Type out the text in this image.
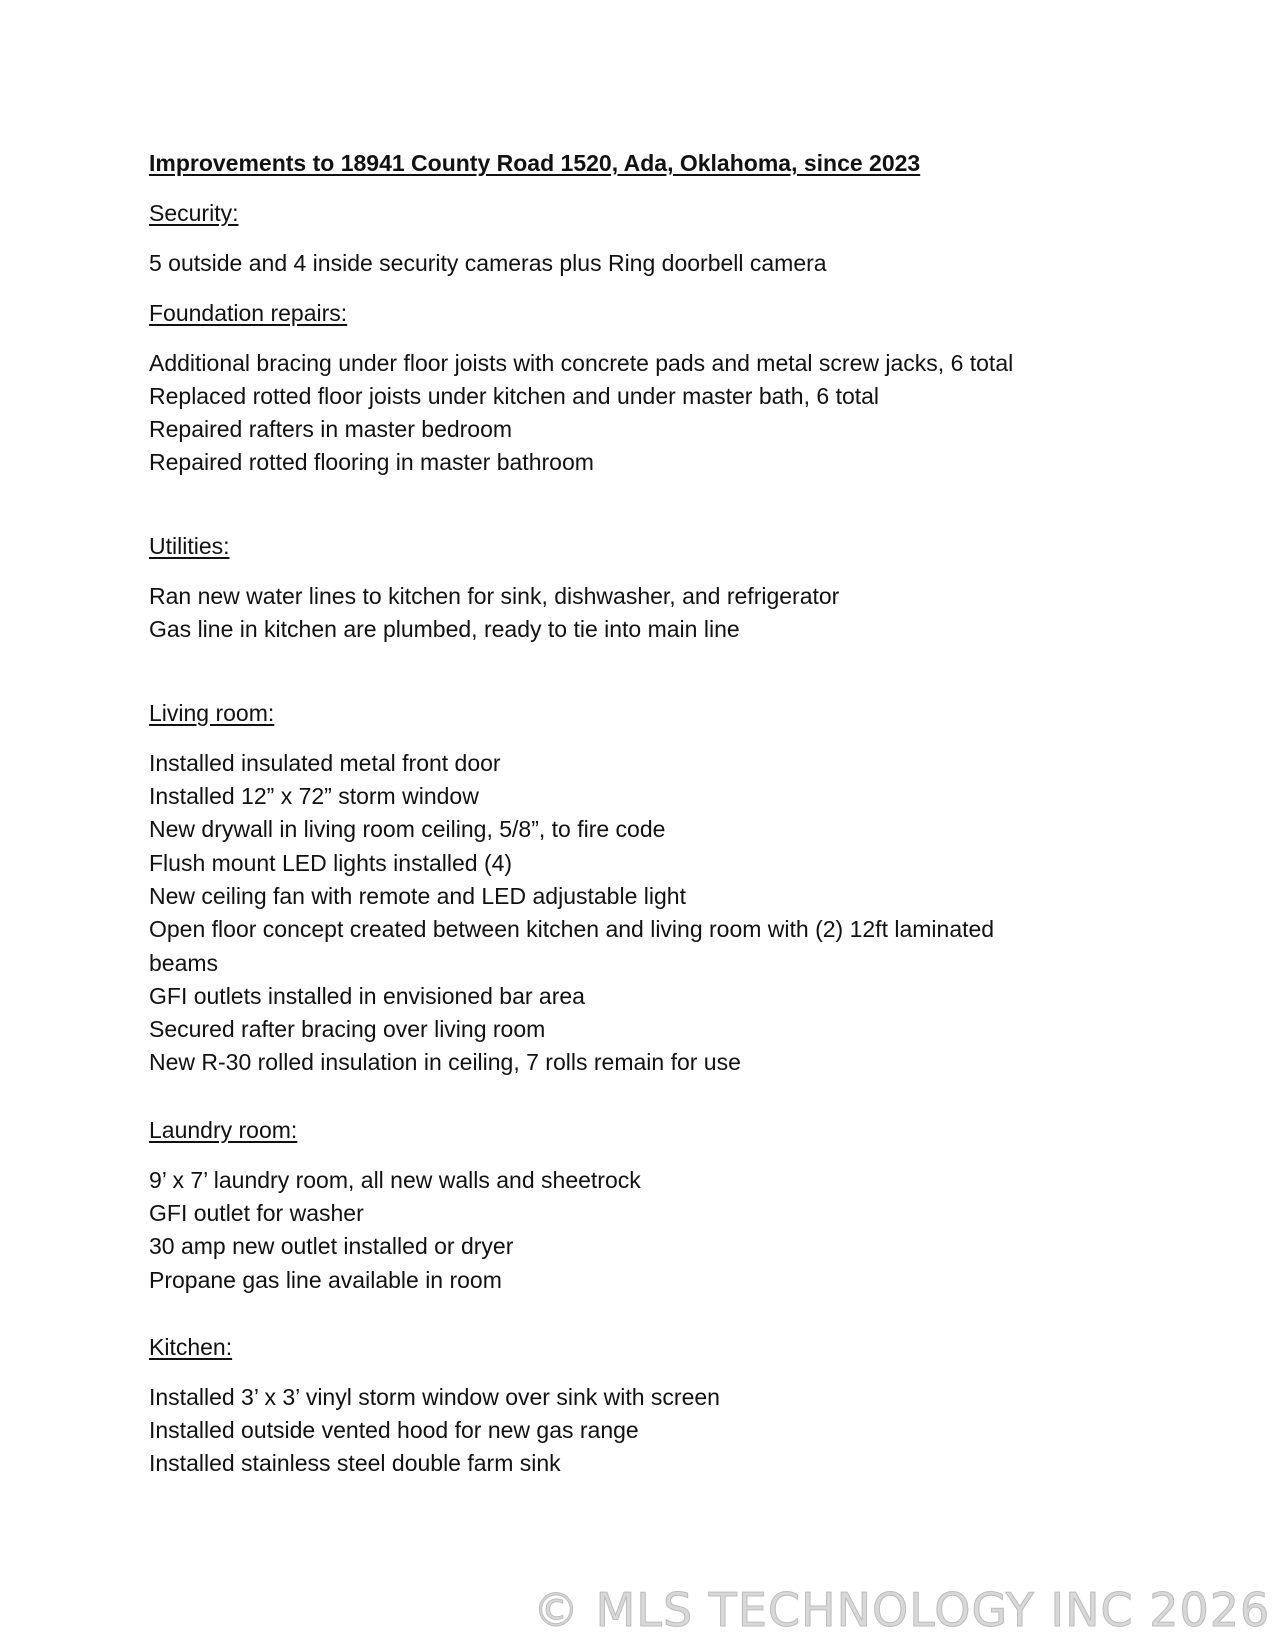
Improvements to 18941 County Road 1520, Ada, Oklahoma, since 2023
Security:
5 outside and 4 inside security cameras plus Ring doorbell camera
Foundation repairs:
Additional bracing under floor joists with concrete pads and metal screw jacks, 6 total
Replaced rotted floor joists under kitchen and under master bath, 6 total
Repaired rafters in master bedroom
Repaired rotted flooring in master bathroom
Utilities:
Ran new water lines to kitchen for sink, dishwasher, and refrigerator
Gas line in kitchen are plumbed, ready to tie into main line
Living room:
Installed insulated metal front door
Installed 12” x 72” storm window
New drywall in living room ceiling, 5/8”, to fire code
Flush mount LED lights installed (4)
New ceiling fan with remote and LED adjustable light
Open floor concept created between kitchen and living room with (2) 12ft laminated
beams
GFI outlets installed in envisioned bar area
Secured rafter bracing over living room
New R-30 rolled insulation in ceiling, 7 rolls remain for use
Laundry room:
9’ x 7’ laundry room, all new walls and sheetrock
GFI outlet for washer
30 amp new outlet installed or dryer
Propane gas line available in room
Kitchen:
Installed 3’ x 3’ vinyl storm window over sink with screen
Installed outside vented hood for new gas range
Installed stainless steel double farm sink
© MLS TECHNOLOGY INC 2026
